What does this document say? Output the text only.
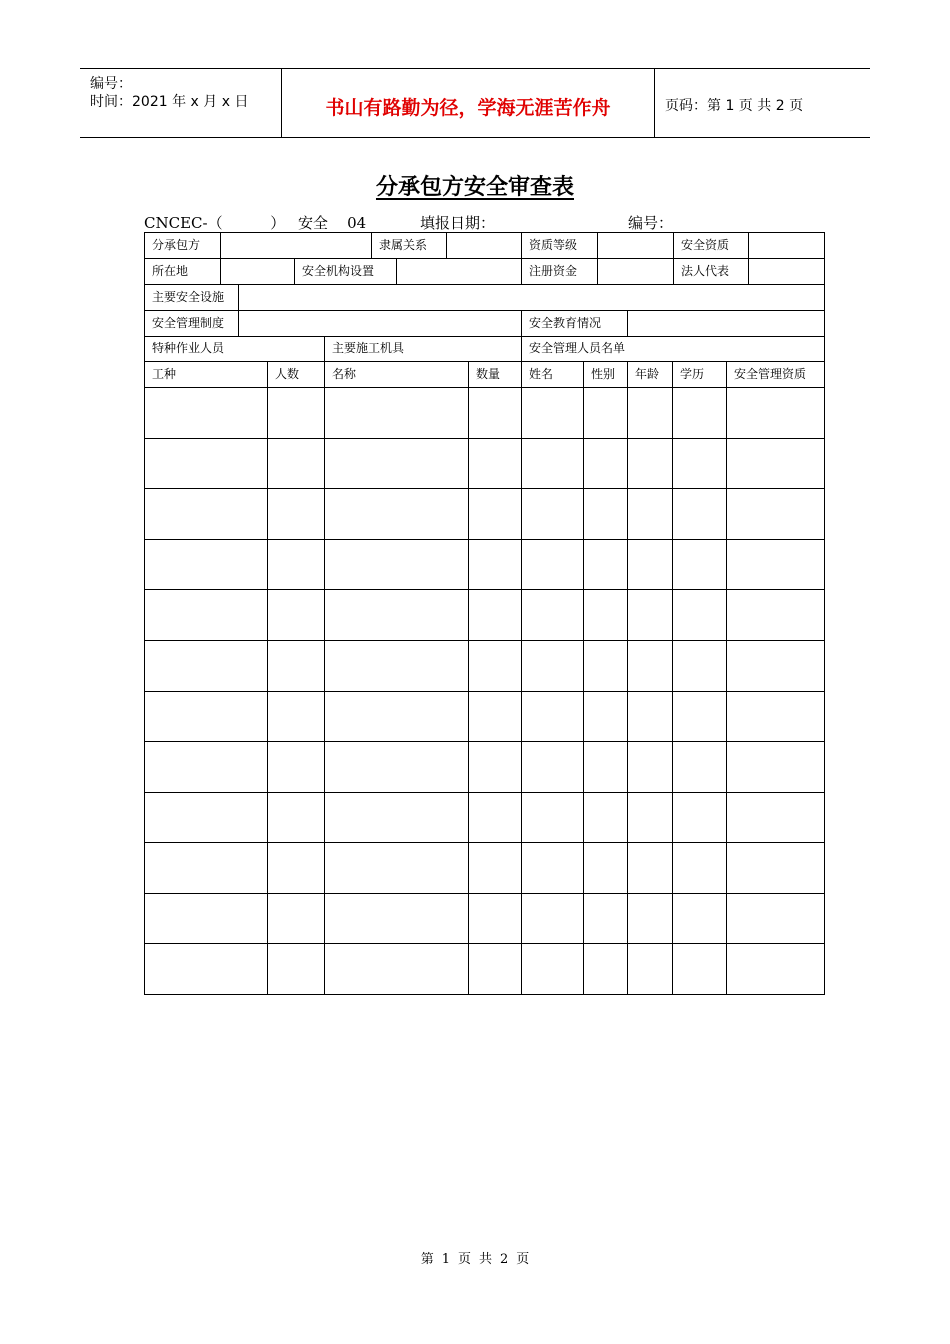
编号：
时间：2021 年 x 月 x 日	书山有路勤为径，学海无涯苦作舟	页码：第 1 页 共 2 页
分承包方安全审查表
CNCEC-（          ） 安全    04	填报日期：	编号：
分承包方	隶属关系	资质等级	安全资质
所在地	安全机构设置	注册资金	法人代表
主要安全设施
安全管理制度	安全教育情况
特种作业人员	主要施工机具	安全管理人员名单
工种	人数	名称	数量	姓名	性别	年龄	学历	安全管理资质
第 1 页 共 2 页
